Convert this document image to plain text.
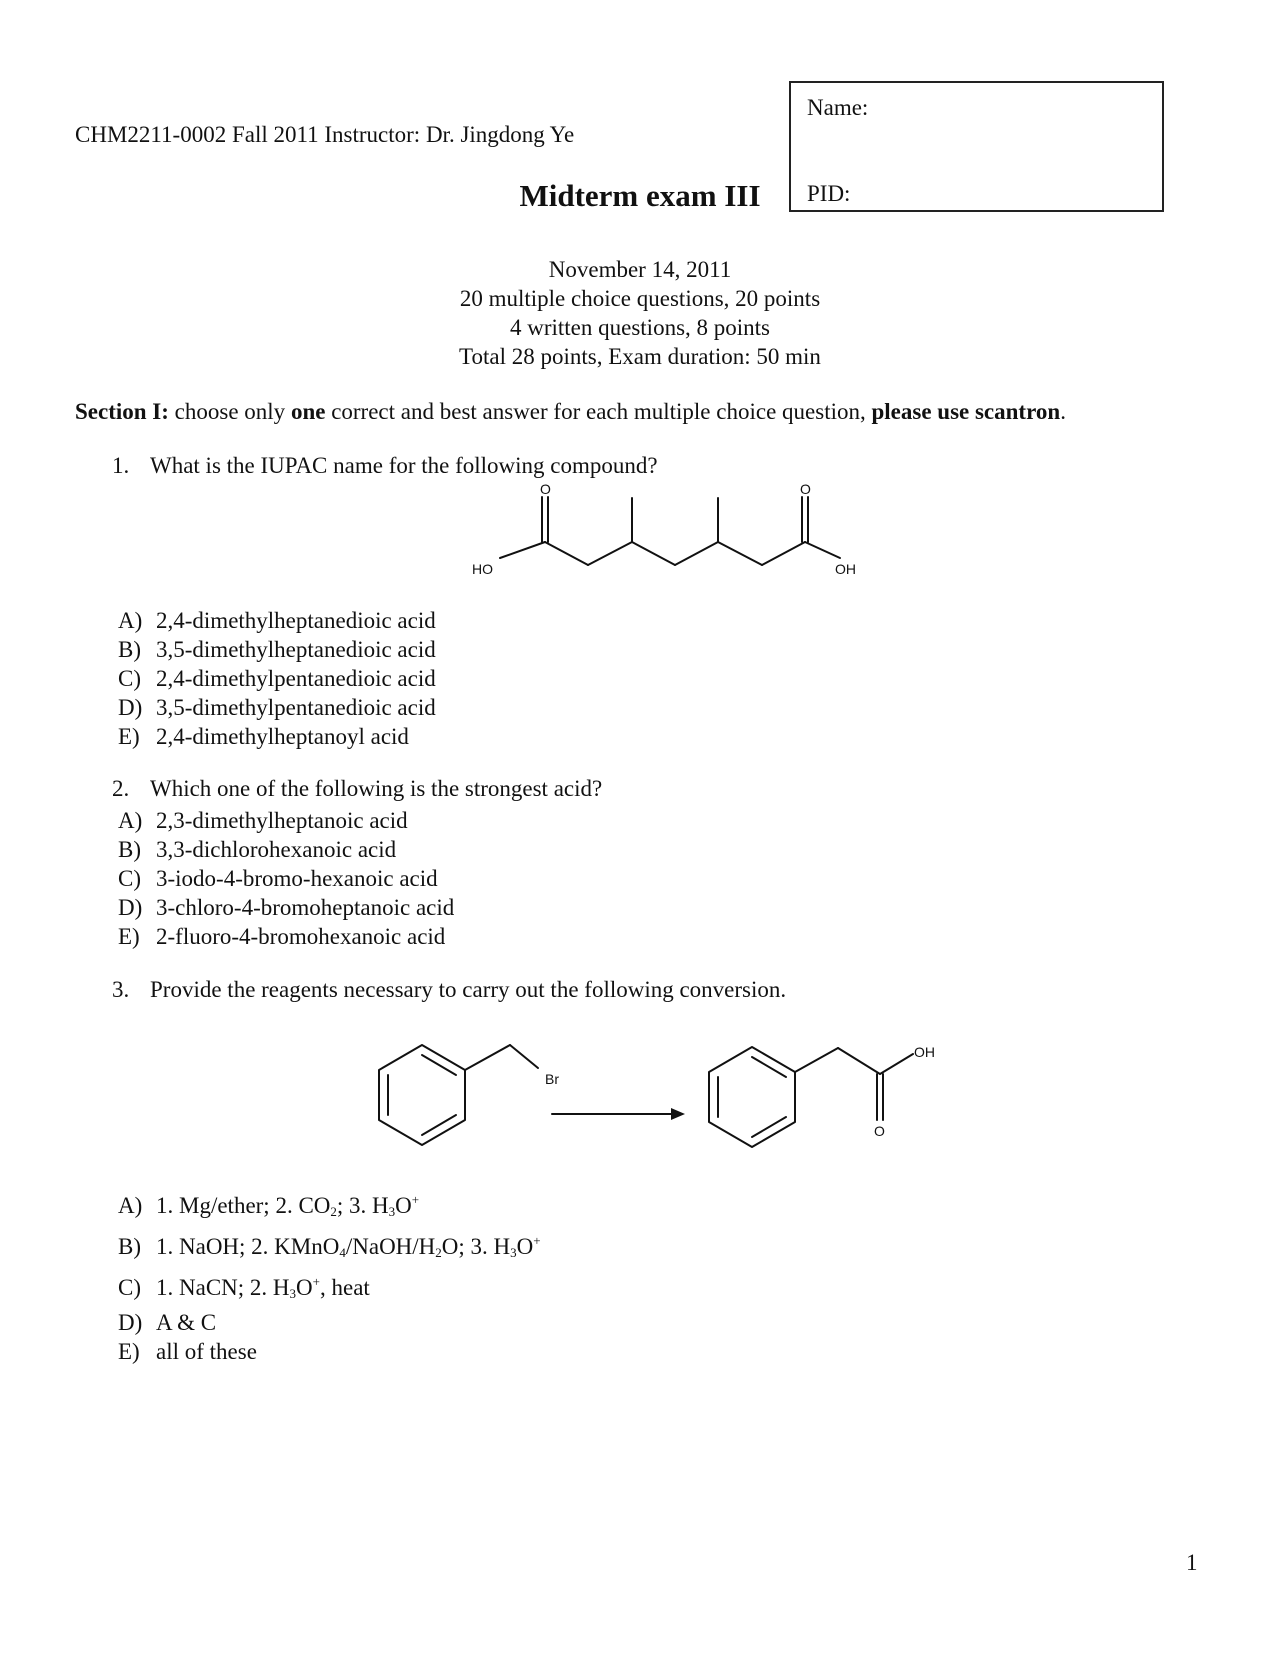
CHM2211-0002 Fall 2011 Instructor: Dr. Jingdong Ye
Name:
PID:
Midterm exam III
November 14, 2011
20 multiple choice questions, 20 points
4 written questions, 8 points
Total 28 points, Exam duration: 50 min
Section I: choose only one correct and best answer for each multiple choice question, please use scantron.
1. What is the IUPAC name for the following compound?
O	O
HO	OH
A) 2,4-dimethylheptanedioic acid
B) 3,5-dimethylheptanedioic acid
C) 2,4-dimethylpentanedioic acid
D) 3,5-dimethylpentanedioic acid
E) 2,4-dimethylheptanoyl acid
2. Which one of the following is the strongest acid?
A) 2,3-dimethylheptanoic acid
B) 3,3-dichlorohexanoic acid
C) 3-iodo-4-bromo-hexanoic acid
D) 3-chloro-4-bromoheptanoic acid
E) 2-fluoro-4-bromohexanoic acid
3. Provide the reagents necessary to carry out the following conversion.
Br
OH
O
A) 1. Mg/ether; 2. $CO_2$; 3. $H_3O^+$
B) 1. NaOH; 2. $KMnO_4/NaOH/H_2O$; 3. $H_3O^+$
C) 1. NaCN; 2. $H_3O^+$, heat
D) A & C
E) all of these
1
